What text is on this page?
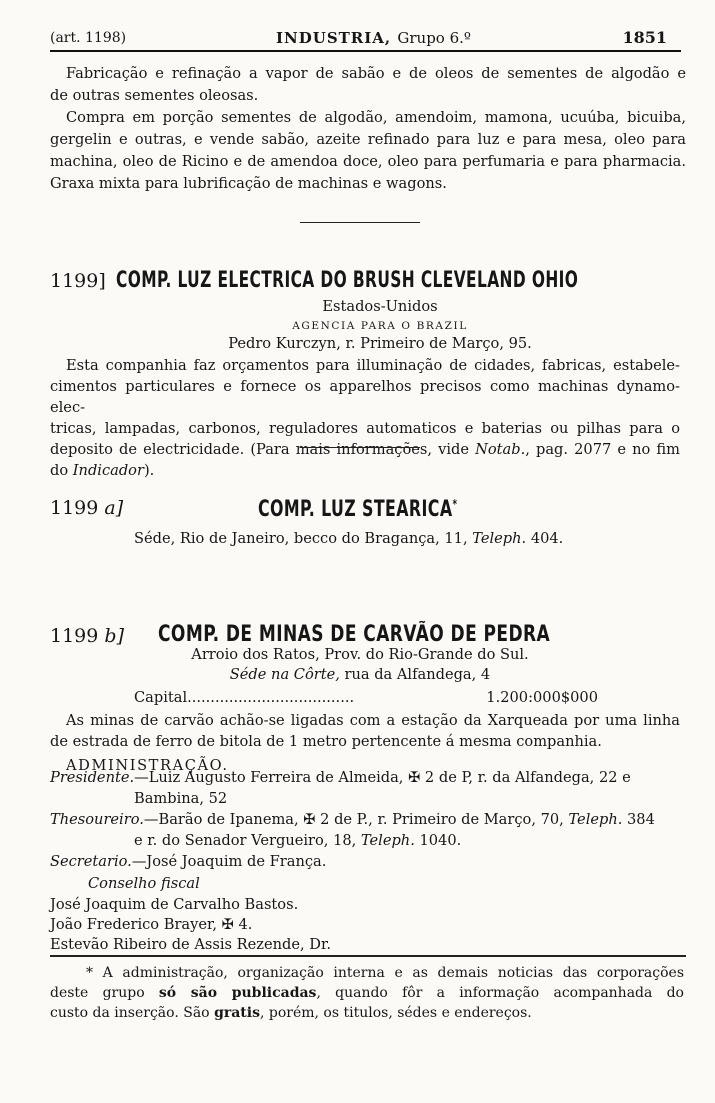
(art. 1198)	INDUSTRIA, Grupo 6.º	1851
Fabricação e refinação a vapor de sabão e de oleos de sementes de algodão e
de outras sementes oleosas.
Compra em porção sementes de algodão, amendoim, mamona, ucuúba, bicuiba,
gergelin e outras, e vende sabão, azeite refinado para luz e para mesa, oleo para
machina, oleo de Ricino e de amendoa doce, oleo para perfumaria e para pharmacia.
Graxa mixta para lubrificação de machinas e wagons.
1199] COMP. LUZ ELECTRICA DO BRUSH CLEVELAND OHIO
Estados-Unidos
AGENCIA PARA O BRAZIL
Pedro Kurczyn, r. Primeiro de Março, 95.
Esta companhia faz orçamentos para illuminação de cidades, fabricas, estabele-
cimentos particulares e fornece os apparelhos precisos como machinas dynamo-elec-
tricas, lampadas, carbonos, reguladores automaticos e baterias ou pilhas para o
deposito de electricidade. (Para mais informações, vide Notab., pag. 2077 e no fim
do Indicador).
1199 a]	COMP. LUZ STEARICA*
Séde, Rio de Janeiro, becco do Bragança, 11, Teleph. 404.
1199 b] COMP. DE MINAS DE CARVÃO DE PEDRA
Arroio dos Ratos, Prov. do Rio-Grande do Sul.
Séde na Côrte, rua da Alfandega, 4
Capital....................................	1.200:000$000
As minas de carvão achão-se ligadas com a estação da Xarqueada por uma linha
de estrada de ferro de bitola de 1 metro pertencente á mesma companhia.
ADMINISTRAÇÃO.
Presidente.—Luiz Augusto Ferreira de Almeida, ✠ 2 de P, r. da Alfandega, 22 e
Bambina, 52
Thesoureiro.—Barão de Ipanema, ✠ 2 de P., r. Primeiro de Março, 70, Teleph. 384
e r. do Senador Vergueiro, 18, Teleph. 1040.
Secretario.—José Joaquim de França.
Conselho fiscal
José Joaquim de Carvalho Bastos.
João Frederico Brayer, ✠ 4.
Estevão Ribeiro de Assis Rezende, Dr.
* A administração, organização interna e as demais noticias das corporações
deste grupo só são publicadas, quando fôr a informação acompanhada do
custo da inserção. São gratis, porém, os titulos, sédes e endereços.
